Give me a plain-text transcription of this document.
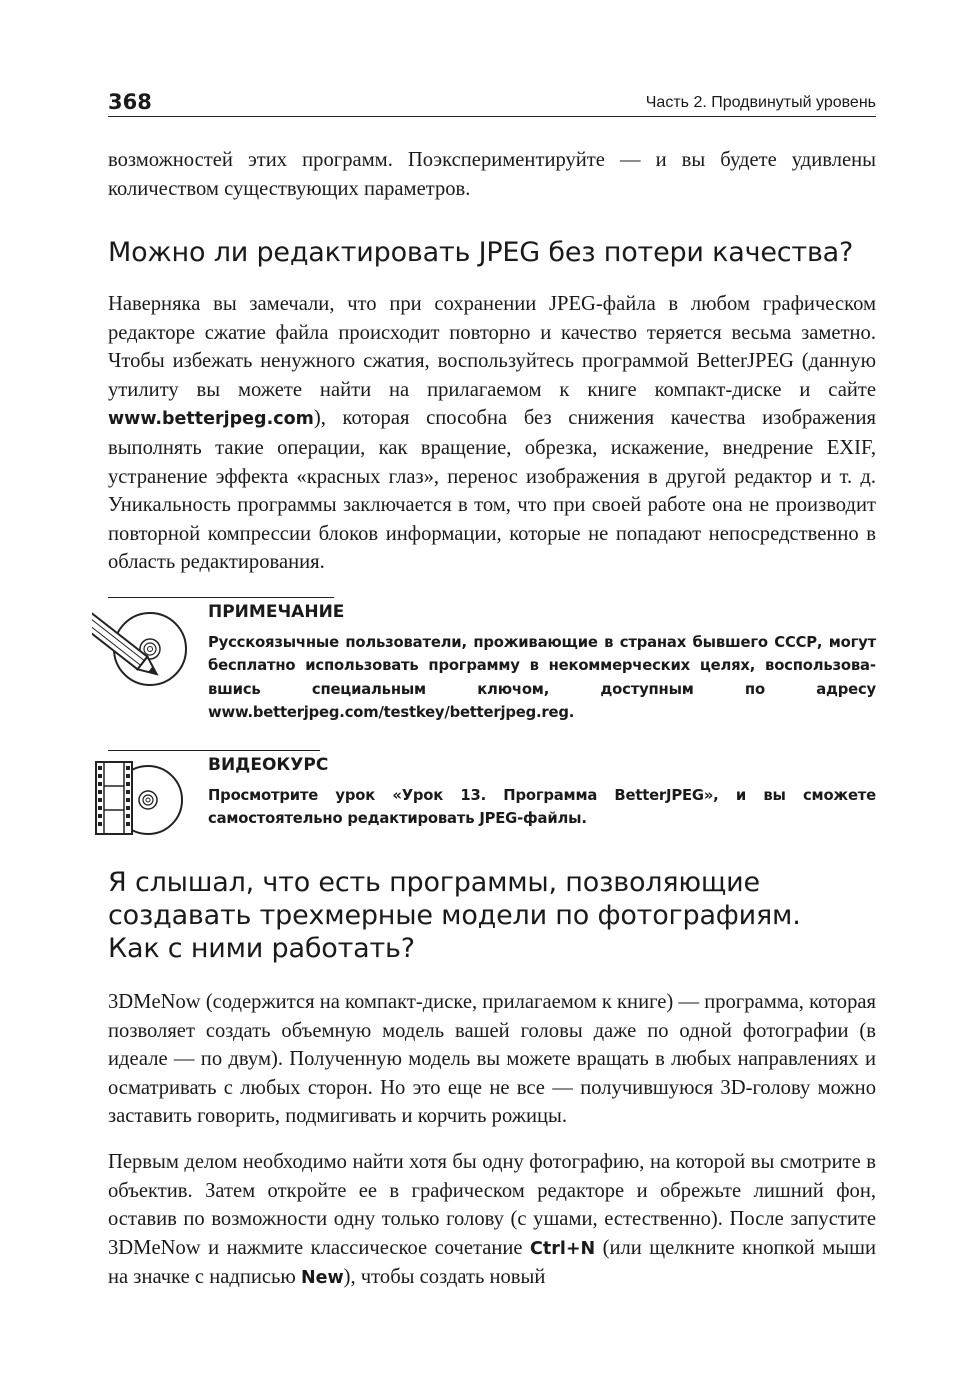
368	Часть 2. Продвинутый уровень

возможностей этих программ. Поэкспериментируйте — и вы будете удивлены количеством существующих параметров.

Можно ли редактировать JPEG без потери качества?

Наверняка вы замечали, что при сохранении JPEG-файла в любом графическом редакторе сжатие файла происходит повторно и качество теряется весьма заметно. Чтобы избежать ненужного сжатия, воспользуйтесь программой BetterJPEG (данную утилиту вы можете найти на прилагаемом к книге компакт-диске и сайте www.betterjpeg.com), которая способна без снижения качества изображения выполнять такие операции, как вращение, обрезка, искажение, внедрение EXIF, устранение эффекта «красных глаз», перенос изображения в другой редактор и т. д. Уникальность программы заключается в том, что при своей работе она не производит повторной компрессии блоков информации, которые не попадают непосредственно в область редактирования.

ПРИМЕЧАНИЕ

Русскоязычные пользователи, проживающие в странах бывшего СССР, могут бесплатно использовать программу в некоммерческих целях, воспользовавшись специальным ключом, доступным по адресу www.betterjpeg.com/testkey/betterjpeg.reg.

ВИДЕОКУРС

Просмотрите урок «Урок 13. Программа BetterJPEG», и вы сможете самостоятельно редактировать JPEG-файлы.

Я слышал, что есть программы, позволяющие создавать трехмерные модели по фотографиям. Как с ними работать?

3DMeNow (содержится на компакт-диске, прилагаемом к книге) — программа, которая позволяет создать объемную модель вашей головы даже по одной фотографии (в идеале — по двум). Полученную модель вы можете вращать в любых направлениях и осматривать с любых сторон. Но это еще не все — получившуюся 3D-голову можно заставить говорить, подмигивать и корчить рожицы.

Первым делом необходимо найти хотя бы одну фотографию, на которой вы смотрите в объектив. Затем откройте ее в графическом редакторе и обрежьте лишний фон, оставив по возможности одну только голову (с ушами, естественно). После запустите 3DMeNow и нажмите классическое сочетание Ctrl+N (или щелкните кнопкой мыши на значке с надписью New), чтобы создать новый
